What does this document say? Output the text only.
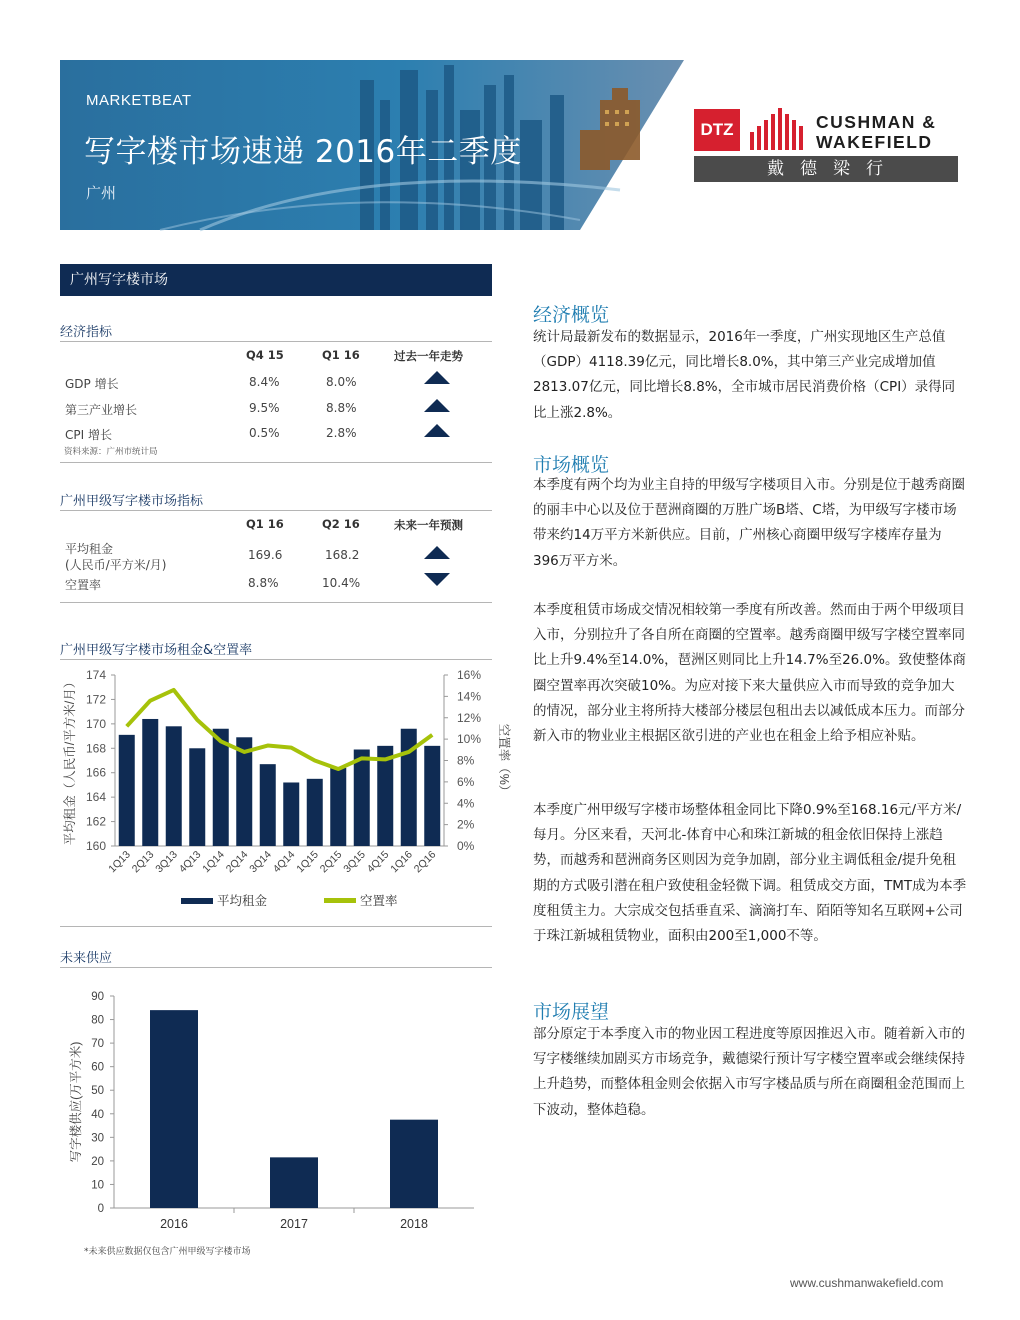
MARKETBEAT
写字楼市场速递 2016年二季度
广州
DTZ	CUSHMAN &
WAKEFIELD
戴德梁行
广州写字楼市场
经济指标
Q4 15	Q1 16	过去一年走势
GDP 增长	8.4%	8.0%
第三产业增长	9.5%	8.8%
CPI 增长	0.5%	2.8%
资料来源：广州市统计局
广州甲级写字楼市场指标
Q1 16	Q2 16	未来一年预测
平均租金
(人民币/平方米/月)
169.6	168.2
空置率	8.8%	10.4%
广州甲级写字楼市场租金&空置率
160
162
164
166
168
170
172
174
0%
2%
4%
6%
8%
10%
12%
14%
16%
1Q13
2Q13
3Q13
4Q13
1Q14
2Q14
3Q14
4Q14
1Q15
2Q15
3Q15
4Q15
1Q16
2Q16
平均租金（人民币/平方米/月）	空置率（%）
平均租金	空置率
未来供应
0
10
20
30
40
50
60
70
80
90
2016	2017	2018
写字楼供应(万平方米)
*未来供应数据仅包含广州甲级写字楼市场
经济概览
统计局最新发布的数据显示，2016年一季度，广州实现地区生产总值（GDP）4118.39亿元，同比增长8.0%，其中第三产业完成增加值2813.07亿元，同比增长8.8%，全市城市居民消费价格（CPI）录得同比上涨2.8%。
市场概览
本季度有两个均为业主自持的甲级写字楼项目入市。分别是位于越秀商圈的丽丰中心以及位于琶洲商圈的万胜广场B塔、C塔，为甲级写字楼市场带来约14万平方米新供应。目前，广州核心商圈甲级写字楼库存量为396万平方米。
本季度租赁市场成交情况相较第一季度有所改善。然而由于两个甲级项目入市，分别拉升了各自所在商圈的空置率。越秀商圈甲级写字楼空置率同比上升9.4%至14.0%，琶洲区则同比上升14.7%至26.0%。致使整体商圈空置率再次突破10%。为应对接下来大量供应入市而导致的竞争加大的情况，部分业主将所持大楼部分楼层包租出去以减低成本压力。而部分新入市的物业业主根据区欲引进的产业也在租金上给予相应补贴。
本季度广州甲级写字楼市场整体租金同比下降0.9%至168.16元/平方米/每月。分区来看，天河北-体育中心和珠江新城的租金依旧保持上涨趋势，而越秀和琶洲商务区则因为竞争加剧，部分业主调低租金/提升免租期的方式吸引潜在租户致使租金轻微下调。租赁成交方面，TMT成为本季度租赁主力。大宗成交包括垂直采、滴滴打车、陌陌等知名互联网+公司于珠江新城租赁物业，面积由200至1,000不等。
市场展望
部分原定于本季度入市的物业因工程进度等原因推迟入市。随着新入市的写字楼继续加剧买方市场竞争，戴德梁行预计写字楼空置率或会继续保持上升趋势，而整体租金则会依据入市写字楼品质与所在商圈租金范围而上下波动，整体趋稳。
www.cushmanwakefield.com
